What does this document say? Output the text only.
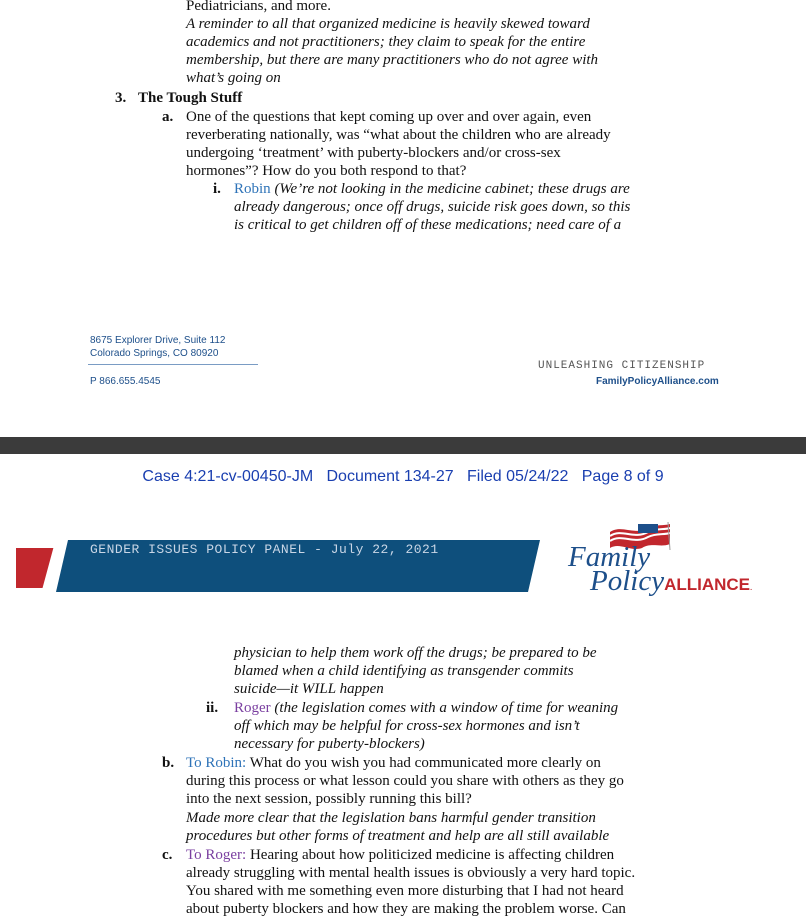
Pediatricians, and more.
A reminder to all that organized medicine is heavily skewed toward
academics and not practitioners; they claim to speak for the entire
membership, but there are many practitioners who do not agree with
what’s going on
3. The Tough Stuff
a. One of the questions that kept coming up over and over again, even
reverberating nationally, was “what about the children who are already
undergoing ‘treatment’ with puberty-blockers and/or cross-sex
hormones”? How do you both respond to that?
i. Robin (We’re not looking in the medicine cabinet; these drugs are
already dangerous; once off drugs, suicide risk goes down, so this
is critical to get children off of these medications; need care of a
8675 Explorer Drive, Suite 112
Colorado Springs, CO 80920
P 866.655.4545
UNLEASHING CITIZENSHIP
FamilyPolicyAlliance.com
Case 4:21-cv-00450-JM   Document 134-27   Filed 05/24/22   Page 8 of 9
GENDER ISSUES POLICY PANEL - July 22, 2021	Family
PolicyALLIANCE.
physician to help them work off the drugs; be prepared to be
blamed when a child identifying as transgender commits
suicide—it WILL happen
ii. Roger (the legislation comes with a window of time for weaning
off which may be helpful for cross-sex hormones and isn’t
necessary for puberty-blockers)
b. To Robin: What do you wish you had communicated more clearly on
during this process or what lesson could you share with others as they go
into the next session, possibly running this bill?
Made more clear that the legislation bans harmful gender transition
procedures but other forms of treatment and help are all still available
c. To Roger: Hearing about how politicized medicine is affecting children
already struggling with mental health issues is obviously a very hard topic.
You shared with me something even more disturbing that I had not heard
about puberty blockers and how they are making the problem worse. Can
